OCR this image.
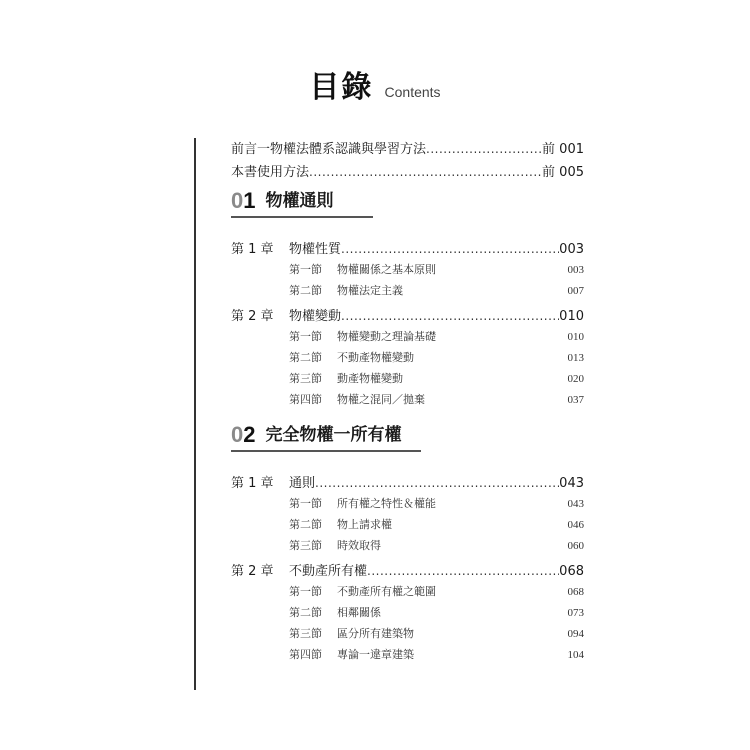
目錄 Contents
前言一物權法體系認識與學習方法 .....	前 001
本書使用方法 .....	前 005
01 物權通則
第 1 章	物權性質 .....	003
第一節	物權關係之基本原則	003
第二節	物權法定主義	007
第 2 章	物權變動 .....	010
第一節	物權變動之理論基礎	010
第二節	不動產物權變動	013
第三節	動產物權變動	020
第四節	物權之混同／拋棄	037
02 完全物權一所有權
第 1 章	通則 .....	043
第一節	所有權之特性＆權能	043
第二節	物上請求權	046
第三節	時效取得	060
第 2 章	不動產所有權 .....	068
第一節	不動產所有權之範圍	068
第二節	相鄰關係	073
第三節	區分所有建築物	094
第四節	專論一違章建築	104
